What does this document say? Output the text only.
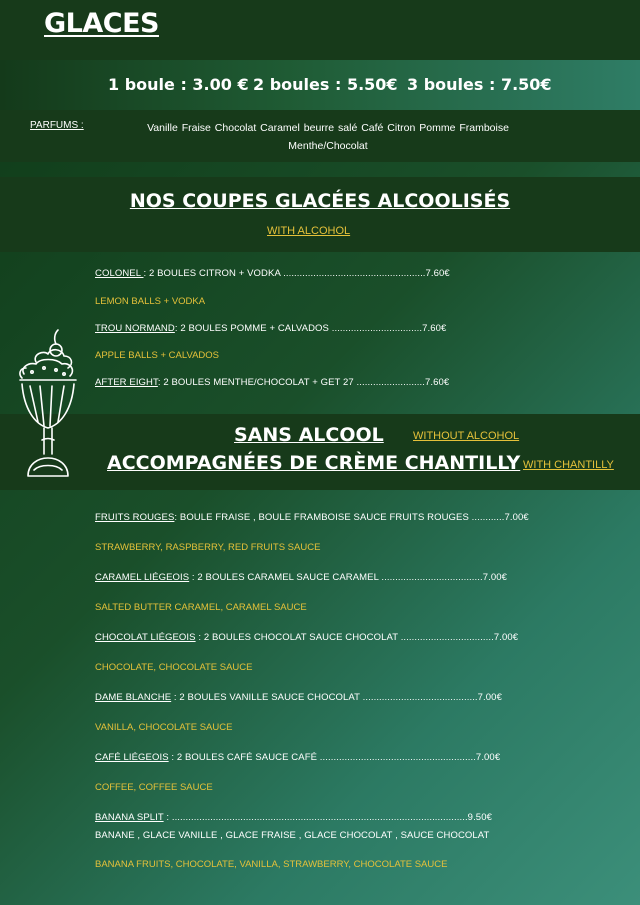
GLACES
1 boule : 3.00 € 2 boules : 5.50€ 3 boules : 7.50€
PARFUMS :	Vanille Fraise Chocolat Caramel beurre salé Café Citron Pomme Framboise Menthe/Chocolat
NOS COUPES GLACÉES ALCOOLISÉS
WITH ALCOHOL
COLONEL : 2 BOULES CITRON + VODKA ....................................................7.60€
LEMON BALLS + VODKA
TROU NORMAND: 2 BOULES POMME + CALVADOS .................................7.60€
APPLE BALLS + CALVADOS
AFTER EIGHT: 2 BOULES MENTHE/CHOCOLAT + GET 27 .........................7.60€
SANS ALCOOL	WITHOUT ALCOHOL
ACCOMPAGNÉES DE CRÈME CHANTILLY WITH CHANTILLY
FRUITS ROUGES: BOULE FRAISE , BOULE FRAMBOISE SAUCE FRUITS ROUGES ............7.00€
STRAWBERRY, RASPBERRY, RED FRUITS SAUCE
CARAMEL LIÉGEOIS : 2 BOULES CARAMEL SAUCE CARAMEL .....................................7.00€
SALTED BUTTER CARAMEL, CARAMEL SAUCE
CHOCOLAT LIÉGEOIS : 2 BOULES CHOCOLAT SAUCE CHOCOLAT ..................................7.00€
CHOCOLATE, CHOCOLATE SAUCE
DAME BLANCHE : 2 BOULES VANILLE SAUCE CHOCOLAT ..........................................7.00€
VANILLA, CHOCOLATE SAUCE
CAFÉ LIÉGEOIS : 2 BOULES CAFÉ SAUCE CAFÉ .........................................................7.00€
COFFEE, COFFEE SAUCE
BANANA SPLIT : ............................................................................................................9.50€
BANANE , GLACE VANILLE , GLACE FRAISE , GLACE CHOCOLAT , SAUCE CHOCOLAT
BANANA FRUITS, CHOCOLATE, VANILLA, STRAWBERRY, CHOCOLATE SAUCE
